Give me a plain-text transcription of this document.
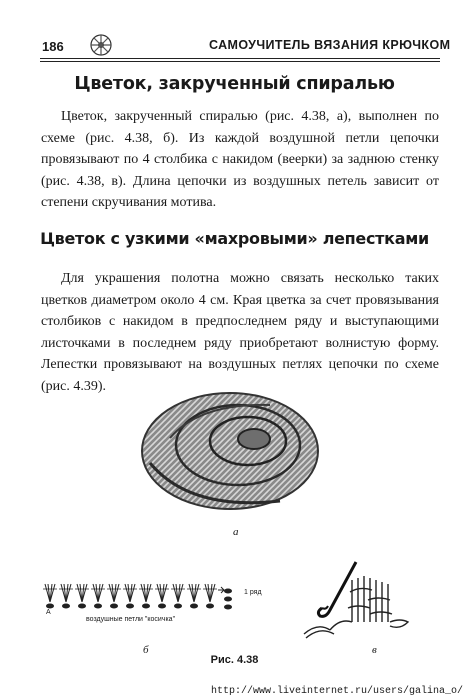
186	САМОУЧИТЕЛЬ ВЯЗАНИЯ КРЮЧКОМ
Цветок, закрученный спиралью
Цветок, закрученный спиралью (рис. 4.38, а), выполнен по схеме (рис. 4.38, б). Из каждой воздушной петли цепочки провязывают по 4 столбика с накидом (веерки) за заднюю стенку (рис. 4.38, в). Длина цепочки из воздушных петель зависит от степени скручивания мотива.
Цветок с узкими «махровыми» лепестками
Для украшения полотна можно связать несколько таких цветков диаметром около 4 см. Края цветка за счет провязывания столбиков с накидом в предпоследнем ряду и выступающими листочками в последнем ряду приобретают волнистую форму. Лепестки провязывают на воздушных петлях цепочки по схеме (рис. 4.39).
а
1 ряд
А
воздушные петли "косичка"
б	в
Рис. 4.38
http://www.liveinternet.ru/users/galina_o/
